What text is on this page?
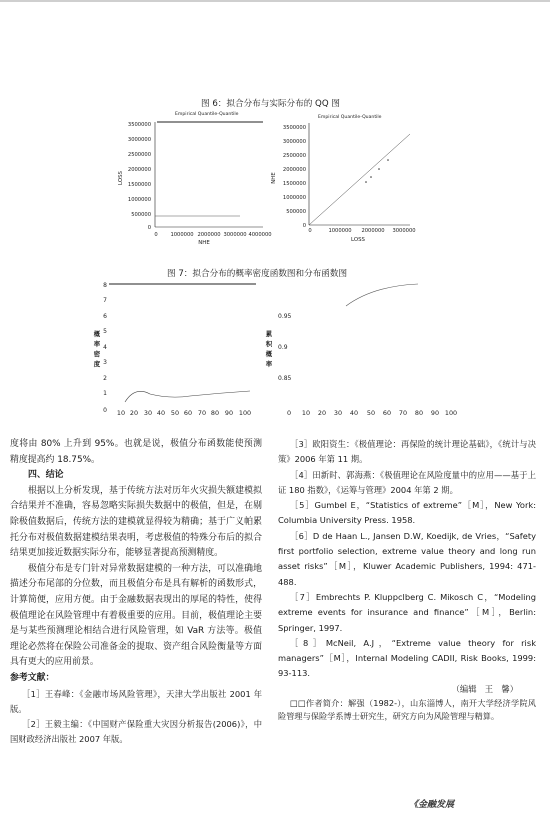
图 6：拟合分布与实际分布的 QQ 图
Empirical Quantile-Quantile
3500000
3000000
2500000
2000000
1500000
1000000
500000
0
0 1000000 2000000 3000000 4000000
NHE
LOSS
Empirical Quantile-Quantile
3500000
3000000
2500000
2000000
1500000
1000000
500000
0
0	1000000 2000000 3000000
LOSS
NHE
图 7：拟合分布的概率密度函数图和分布函数图
8
7
6
5
4
3
2
1
0
概
率
密
度
10 20 30 40 50 60 70 80 90 100
0.95
0.9
0.85
累
积
概
率
0 10 20 30 40 50 60 70 80 90 100

度将由 80% 上升到 95%。也就是说，极值分布函数能使预测精度提高约 18.75%。

四、结论

根据以上分析发现，基于传统方法对历年火灾损失额建模拟合结果并不准确，容易忽略实际损失数据中的极值，但是，在剔除极值数据后，传统方法的建模就显得较为精确；基于广义帕累托分布对极值数据建模结果表明，考虑极值的特殊分布后的拟合结果更加接近数据实际分布，能够显著提高预测精度。

极值分布是专门针对异常数据建模的一种方法，可以准确地描述分布尾部的分位数，而且极值分布是具有解析的函数形式，计算简便，应用方便。由于金融数据表现出的厚尾的特性，使得极值理论在风险管理中有着极重要的应用。目前，极值理论主要是与某些预测理论相结合进行风险管理，如 VaR 方法等。极值理论必然将在保险公司准备金的提取、资产组合风险衡量等方面具有更大的应用前景。

参考文献：

［1］王春峰：《金融市场风险管理》，天津大学出版社 2001 年版。

［2］王毅主编：《中国财产保险重大灾因分析报告(2006)》，中国财政经济出版社 2007 年版。

［3］欧阳资生：《极值理论：再保险的统计理论基础》，《统计与决策》2006 年第 11 期。

［4］田新时、郭海燕：《极值理论在风险度量中的应用——基于上证 180 指数》，《运筹与管理》2004 年第 2 期。

［5］Gumbel E，“Statistics of extreme”［M］，New York: Columbia University Press. 1958.

［6］D de Haan L., Jansen D.W, Koedijk, de Vries，“Safety first portfolio selection, extreme value theory and long run asset risks”［M］，Kluwer Academic Publishers, 1994: 471-488.

［7］Embrechts P. Kluppclberg C. Mikosch C，“Modeling extreme events for insurance and finance”［M］，Berlin: Springer, 1997.

［8］McNeil, A.J，“Extreme value theory for risk managers”［M］，Internal Modeling CADII, Risk Books, 1999: 93-113.

（编辑　王　馨）

□□作者简介：解强（1982-），山东淄博人，南开大学经济学院风险管理与保险学系博士研究生，研究方向为风险管理与精算。

《金融发展
